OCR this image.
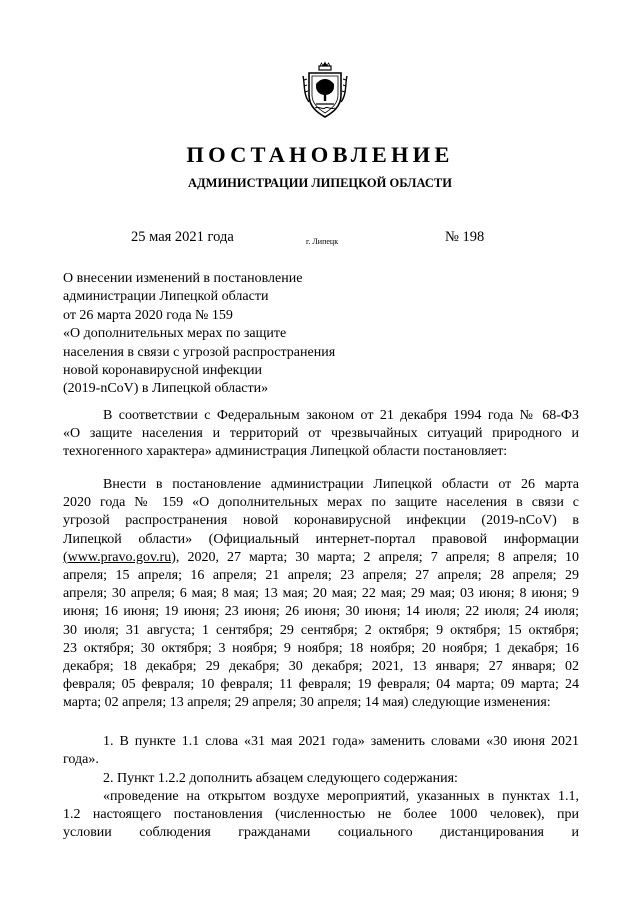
ПОСТАНОВЛЕНИЕ
АДМИНИСТРАЦИИ ЛИПЕЦКОЙ ОБЛАСТИ
25 мая 2021 года	г. Липецк	№ 198
О внесении изменений в постановление
администрации Липецкой области
от 26 марта 2020 года № 159
«О дополнительных мерах по защите
населения в связи с угрозой распространения
новой коронавирусной инфекции
(2019-nCoV) в Липецкой области»
В соответствии с Федеральным законом от 21 декабря 1994 года № 68-ФЗ
«О защите населения и территорий от чрезвычайных ситуаций природного и
техногенного характера» администрация Липецкой области постановляет:
Внести в постановление администрации Липецкой области от 26 марта
2020 года № 159 «О дополнительных мерах по защите населения в связи с
угрозой распространения новой коронавирусной инфекции (2019-nCoV) в
Липецкой области» (Официальный интернет-портал правовой информации
(www.pravo.gov.ru), 2020, 27 марта; 30 марта; 2 апреля; 7 апреля; 8 апреля; 10
апреля; 15 апреля; 16 апреля; 21 апреля; 23 апреля; 27 апреля; 28 апреля; 29
апреля; 30 апреля; 6 мая; 8 мая; 13 мая; 20 мая; 22 мая; 29 мая; 03 июня; 8 июня; 9
июня; 16 июня; 19 июня; 23 июня; 26 июня; 30 июня; 14 июля; 22 июля; 24 июля;
30 июля; 31 августа; 1 сентября; 29 сентября; 2 октября; 9 октября; 15 октября;
23 октября; 30 октября; 3 ноября; 9 ноября; 18 ноября; 20 ноября; 1 декабря; 16
декабря; 18 декабря; 29 декабря; 30 декабря; 2021, 13 января; 27 января; 02
февраля; 05 февраля; 10 февраля; 11 февраля; 19 февраля; 04 марта; 09 марта; 24
марта; 02 апреля; 13 апреля; 29 апреля; 30 апреля; 14 мая) следующие изменения:
1. В пункте 1.1 слова «31 мая 2021 года» заменить словами «30 июня 2021
года».
2. Пункт 1.2.2 дополнить абзацем следующего содержания:
«проведение на открытом воздухе мероприятий, указанных в пунктах 1.1,
1.2 настоящего постановления (численностью не более 1000 человек), при
условии соблюдения гражданами социального дистанцирования и
